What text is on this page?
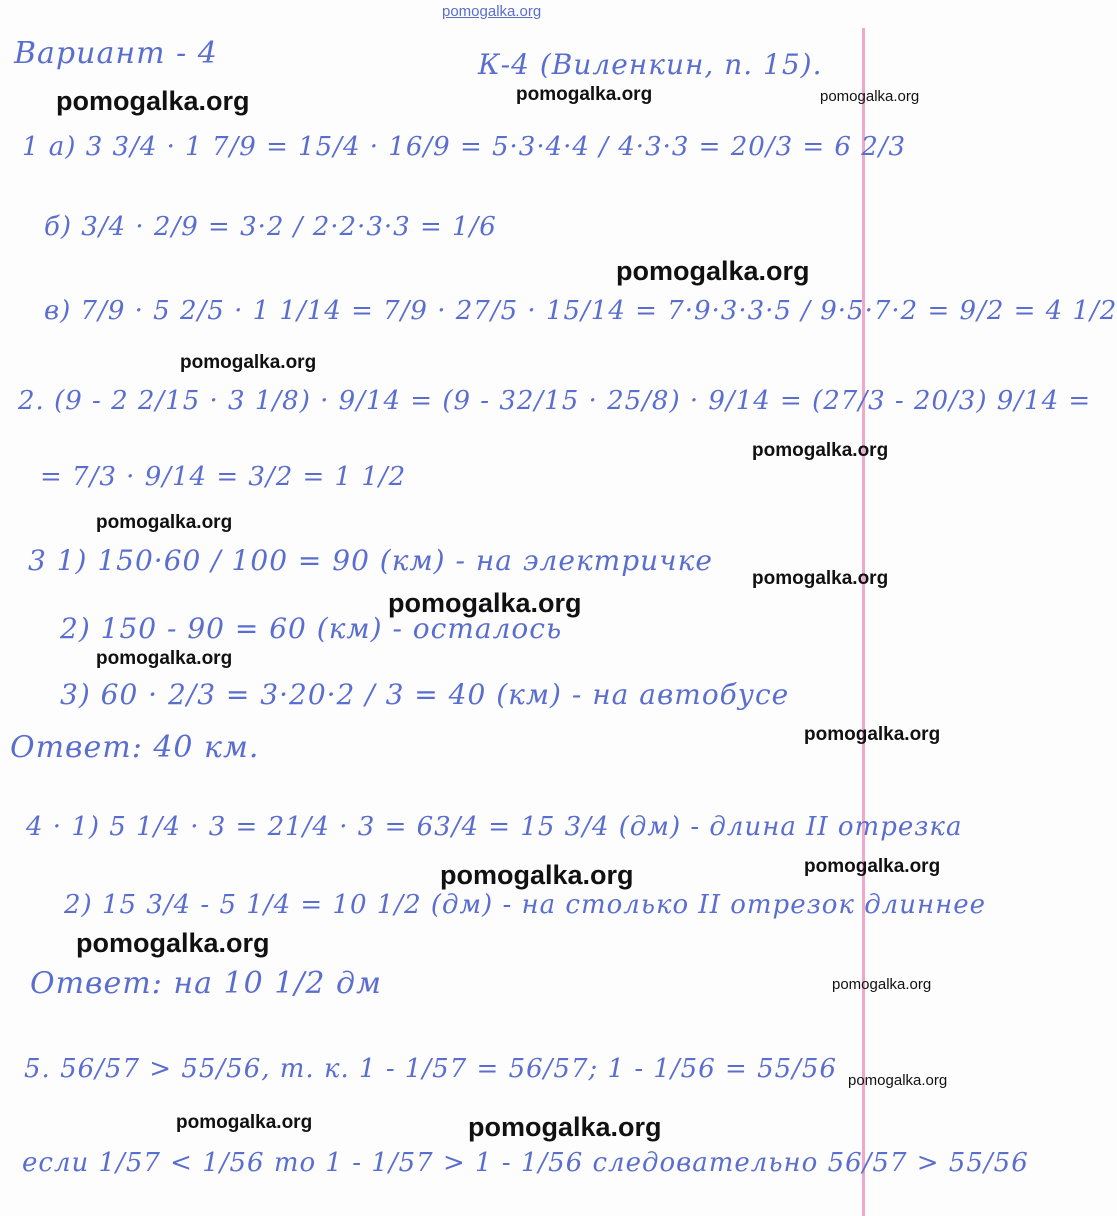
pomogalka.org
Вариант - 4	К-4 (Виленкин, п. 15).
1 а) 3 3/4 · 1 7/9 = 15/4 · 16/9 = 5·3·4·4 / 4·3·3 = 20/3 = 6 2/3
б) 3/4 · 2/9 = 3·2 / 2·2·3·3 = 1/6
в) 7/9 · 5 2/5 · 1 1/14 = 7/9 · 27/5 · 15/14 = 7·9·3·3·5 / 9·5·7·2 = 9/2 = 4 1/2
2. (9 - 2 2/15 · 3 1/8) · 9/14 = (9 - 32/15 · 25/8) · 9/14 = (27/3 - 20/3) 9/14 =
= 7/3 · 9/14 = 3/2 = 1 1/2
3 1) 150·60 / 100 = 90 (км) - на электричке
2) 150 - 90 = 60 (км) - осталось
3) 60 · 2/3 = 3·20·2 / 3 = 40 (км) - на автобусе
Ответ: 40 км.
4 · 1) 5 1/4 · 3 = 21/4 · 3 = 63/4 = 15 3/4 (дм) - длина II отрезка
2) 15 3/4 - 5 1/4 = 10 1/2 (дм) - на столько II отрезок длиннее
Ответ: на 10 1/2 дм
5. 56/57 > 55/56, т. к. 1 - 1/57 = 56/57; 1 - 1/56 = 55/56
если 1/57 < 1/56 то 1 - 1/57 > 1 - 1/56 следовательно 56/57 > 55/56
pomogalka.org	pomogalka.org	pomogalka.org
pomogalka.org
pomogalka.org
pomogalka.org
pomogalka.org
pomogalka.org
pomogalka.org
pomogalka.org
pomogalka.org
pomogalka.org
pomogalka.org
pomogalka.org
pomogalka.org
pomogalka.org
pomogalka.org	pomogalka.org
